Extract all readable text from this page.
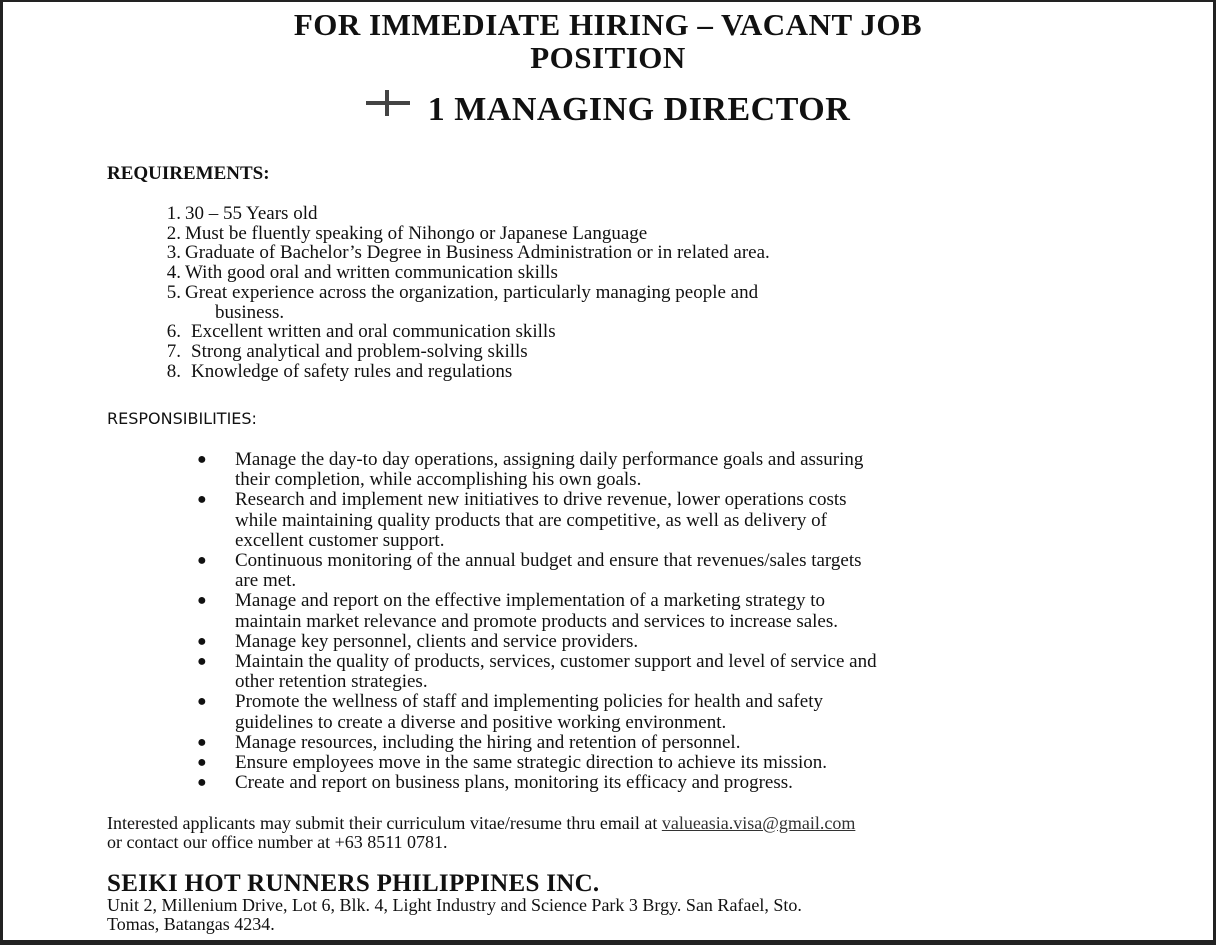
FOR IMMEDIATE HIRING – VACANT JOB
POSITION
1 MANAGING DIRECTOR
REQUIREMENTS:
1. 30 – 55 Years old
2. Must be fluently speaking of Nihongo or Japanese Language
3. Graduate of Bachelor’s Degree in Business Administration or in related area.
4. With good oral and written communication skills
5. Great experience across the organization, particularly managing people and
business.
6. Excellent written and oral communication skills
7. Strong analytical and problem-solving skills
8. Knowledge of safety rules and regulations
RESPONSIBILITIES:
● Manage the day-to day operations, assigning daily performance goals and assuring
their completion, while accomplishing his own goals.
● Research and implement new initiatives to drive revenue, lower operations costs
while maintaining quality products that are competitive, as well as delivery of
excellent customer support.
● Continuous monitoring of the annual budget and ensure that revenues/sales targets
are met.
● Manage and report on the effective implementation of a marketing strategy to
maintain market relevance and promote products and services to increase sales.
● Manage key personnel, clients and service providers.
● Maintain the quality of products, services, customer support and level of service and
other retention strategies.
● Promote the wellness of staff and implementing policies for health and safety
guidelines to create a diverse and positive working environment.
● Manage resources, including the hiring and retention of personnel.
● Ensure employees move in the same strategic direction to achieve its mission.
● Create and report on business plans, monitoring its efficacy and progress.
Interested applicants may submit their curriculum vitae/resume thru email at valueasia.visa@gmail.com
or contact our office number at +63 8511 0781.
SEIKI HOT RUNNERS PHILIPPINES INC.
Unit 2, Millenium Drive, Lot 6, Blk. 4, Light Industry and Science Park 3 Brgy. San Rafael, Sto.
Tomas, Batangas 4234.
